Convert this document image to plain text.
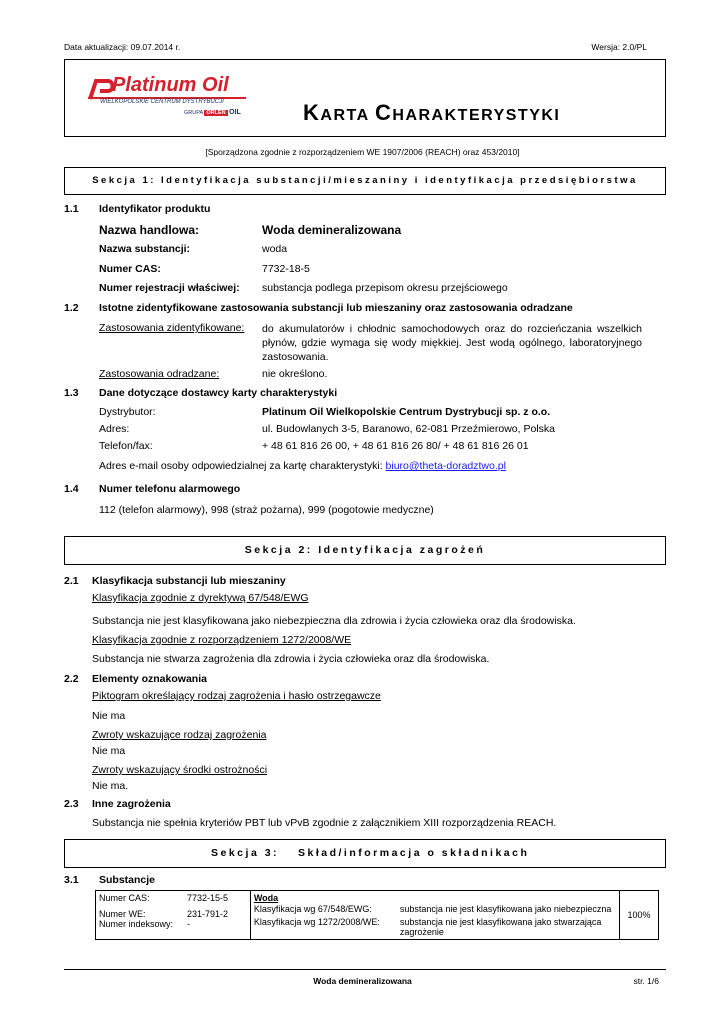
Data aktualizacji: 09.07.2014 r.	Wersja: 2.0/PL
Platinum Oil
WIELKOPOLSKIE CENTRUM DYSTRYBUCJI
GRUPA ORLEN OIL	KARTA CHARAKTERYSTYKI
[Sporządzona zgodnie z rozporządzeniem WE 1907/2006 (REACH) oraz 453/2010]
Sekcja 1: Identyfikacja substancji/mieszaniny i identyfikacja przedsiębiorstwa
1.1 Identyfikator produktu
Nazwa handlowa:	Woda demineralizowana
Nazwa substancji:	woda
Numer CAS:	7732-18-5
Numer rejestracji właściwej: substancja podlega przepisom okresu przejściowego
1.2 Istotne zidentyfikowane zastosowania substancji lub mieszaniny oraz zastosowania odradzane
Zastosowania zidentyfikowane: do akumulatorów i chłodnic samochodowych oraz do rozcieńczania wszelkich płynów, gdzie wymaga się wody miękkiej. Jest wodą ogólnego, laboratoryjnego zastosowania.
Zastosowania odradzane:	nie określono.
1.3 Dane dotyczące dostawcy karty charakterystyki
Dystrybutor:	Platinum Oil Wielkopolskie Centrum Dystrybucji sp. z o.o.
Adres:	ul. Budowlanych 3-5, Baranowo, 62-081 Przeźmierowo, Polska
Telefon/fax:	+ 48 61 816 26 00, + 48 61 816 26 80/ + 48 61 816 26 01
Adres e-mail osoby odpowiedzialnej za kartę charakterystyki: biuro@theta-doradztwo.pl
1.4 Numer telefonu alarmowego
112 (telefon alarmowy), 998 (straż pożarna), 999 (pogotowie medyczne)
Sekcja 2: Identyfikacja zagrożeń
2.1 Klasyfikacja substancji lub mieszaniny
Klasyfikacja zgodnie z dyrektywą 67/548/EWG
Substancja nie jest klasyfikowana jako niebezpieczna dla zdrowia i życia człowieka oraz dla środowiska.
Klasyfikacja zgodnie z rozporządzeniem 1272/2008/WE
Substancja nie stwarza zagrożenia dla zdrowia i życia człowieka oraz dla środowiska.
2.2 Elementy oznakowania
Piktogram określający rodzaj zagrożenia i hasło ostrzegawcze
Nie ma
Zwroty wskazujące rodzaj zagrożenia
Nie ma
Zwroty wskazujący środki ostrożności
Nie ma.
2.3 Inne zagrożenia
Substancja nie spełnia kryteriów PBT lub vPvB zgodnie z załącznikiem XIII rozporządzenia REACH.
Sekcja 3: Skład/informacja o składnikach
3.1 Substancje
Numer CAS:	7732-15-5
Numer WE:	231-791-2
Numer indeksowy:	-

Woda
Klasyfikacja wg 67/548/EWG:	substancja nie jest klasyfikowana jako niebezpieczna
Klasyfikacja wg 1272/2008/WE:	substancja nie jest klasyfikowana jako stwarzająca zagrożenie
	100%
Woda demineralizowana	str. 1/6
